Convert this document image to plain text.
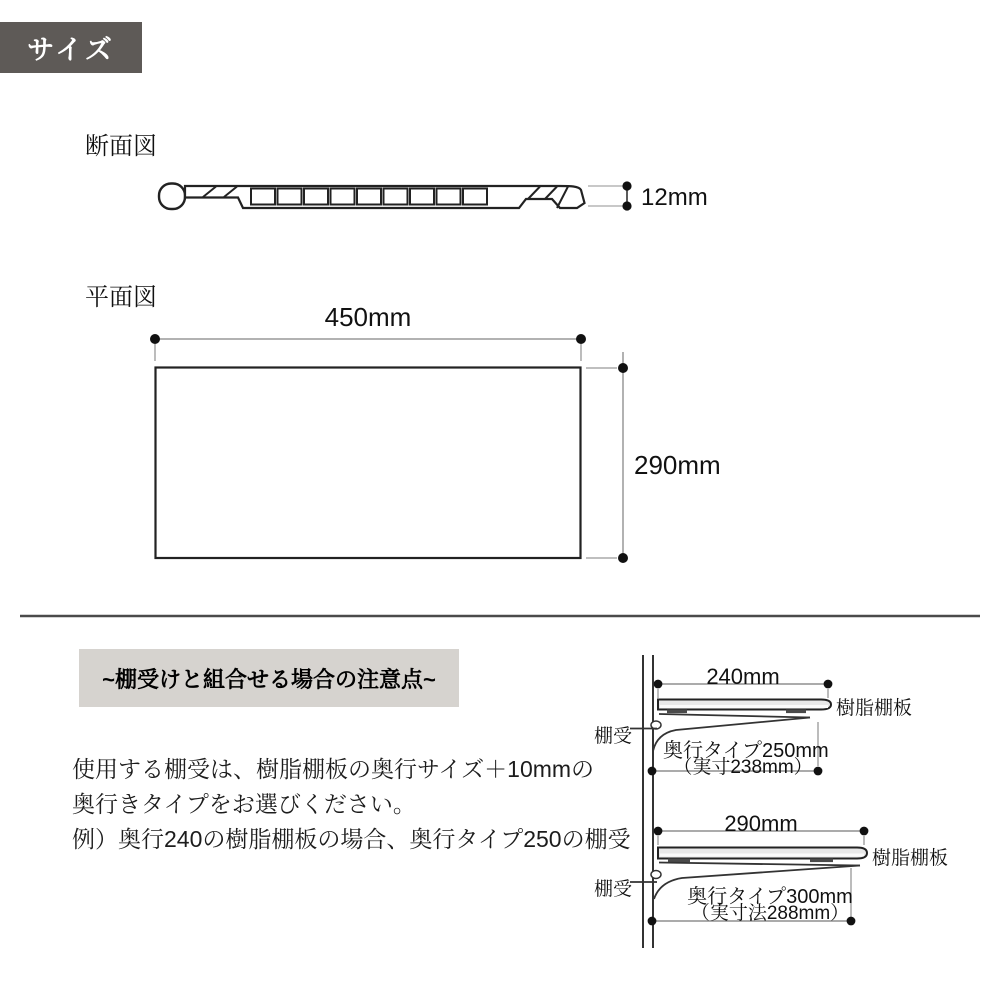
サイズ
断面図
12mm
平面図
450mm
290mm
~棚受けと組合せる場合の注意点~
使用する棚受は、樹脂棚板の奥行サイズ＋10mmの
奥行きタイプをお選びください。
例）奥行240の樹脂棚板の場合、奥行タイプ250の棚受
240mm
樹脂棚板
棚受
奥行タイプ250mm
（実寸238mm）
290mm
樹脂棚板
棚受	奥行タイプ300mm
（実寸法288mm）
